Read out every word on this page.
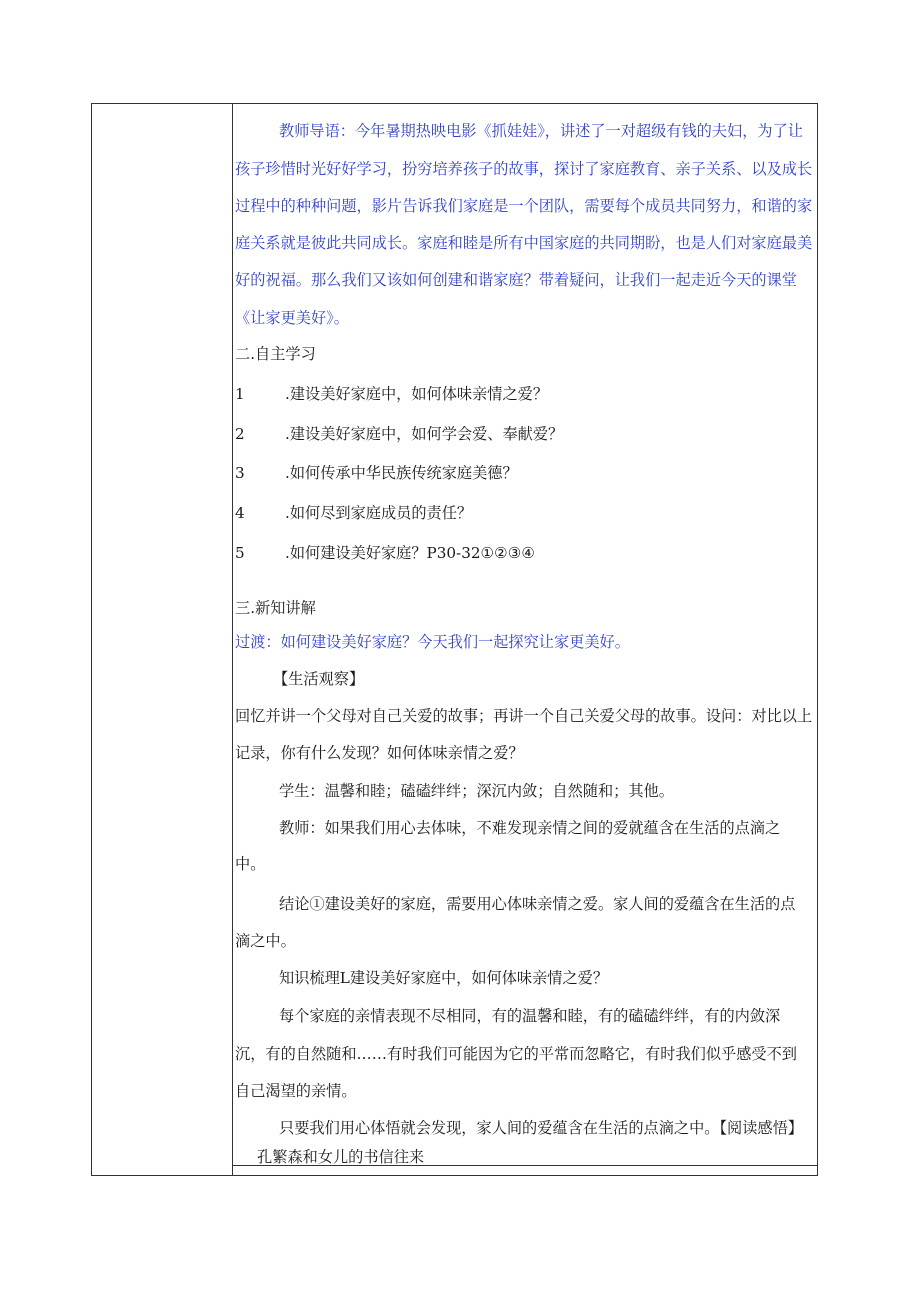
教师导语：今年暑期热映电影《抓娃娃》，讲述了一对超级有钱的夫妇，为了让
孩子珍惜时光好好学习，扮穷培养孩子的故事，探讨了家庭教育、亲子关系、以及成长
过程中的种种问题，影片告诉我们家庭是一个团队，需要每个成员共同努力，和谐的家
庭关系就是彼此共同成长。家庭和睦是所有中国家庭的共同期盼，也是人们对家庭最美
好的祝福。那么我们又该如何创建和谐家庭？带着疑问，让我们一起走近今天的课堂
《让家更美好》。
二.自主学习
1	.建设美好家庭中，如何体味亲情之爱？
2	.建设美好家庭中，如何学会爱、奉献爱？
3	.如何传承中华民族传统家庭美德？
4	.如何尽到家庭成员的责任？
5	.如何建设美好家庭？P30-32①②③④
三.新知讲解
过渡：如何建设美好家庭？今天我们一起探究让家更美好。
【生活观察】
回忆并讲一个父母对自己关爱的故事；再讲一个自己关爱父母的故事。设问：对比以上
记录，你有什么发现？如何体味亲情之爱？
学生：温馨和睦；磕磕绊绊；深沉内敛；自然随和；其他。
教师：如果我们用心去体味，不难发现亲情之间的爱就蕴含在生活的点滴之
中。
结论①建设美好的家庭，需要用心体味亲情之爱。家人间的爱蕴含在生活的点
滴之中。
知识梳理L建设美好家庭中，如何体味亲情之爱？
每个家庭的亲情表现不尽相同，有的温馨和睦，有的磕磕绊绊，有的内敛深
沉，有的自然随和……有时我们可能因为它的平常而忽略它，有时我们似乎感受不到
自己渴望的亲情。
只要我们用心体悟就会发现，家人间的爱蕴含在生活的点滴之中。【阅读感悟】
孔繁森和女儿的书信往来
